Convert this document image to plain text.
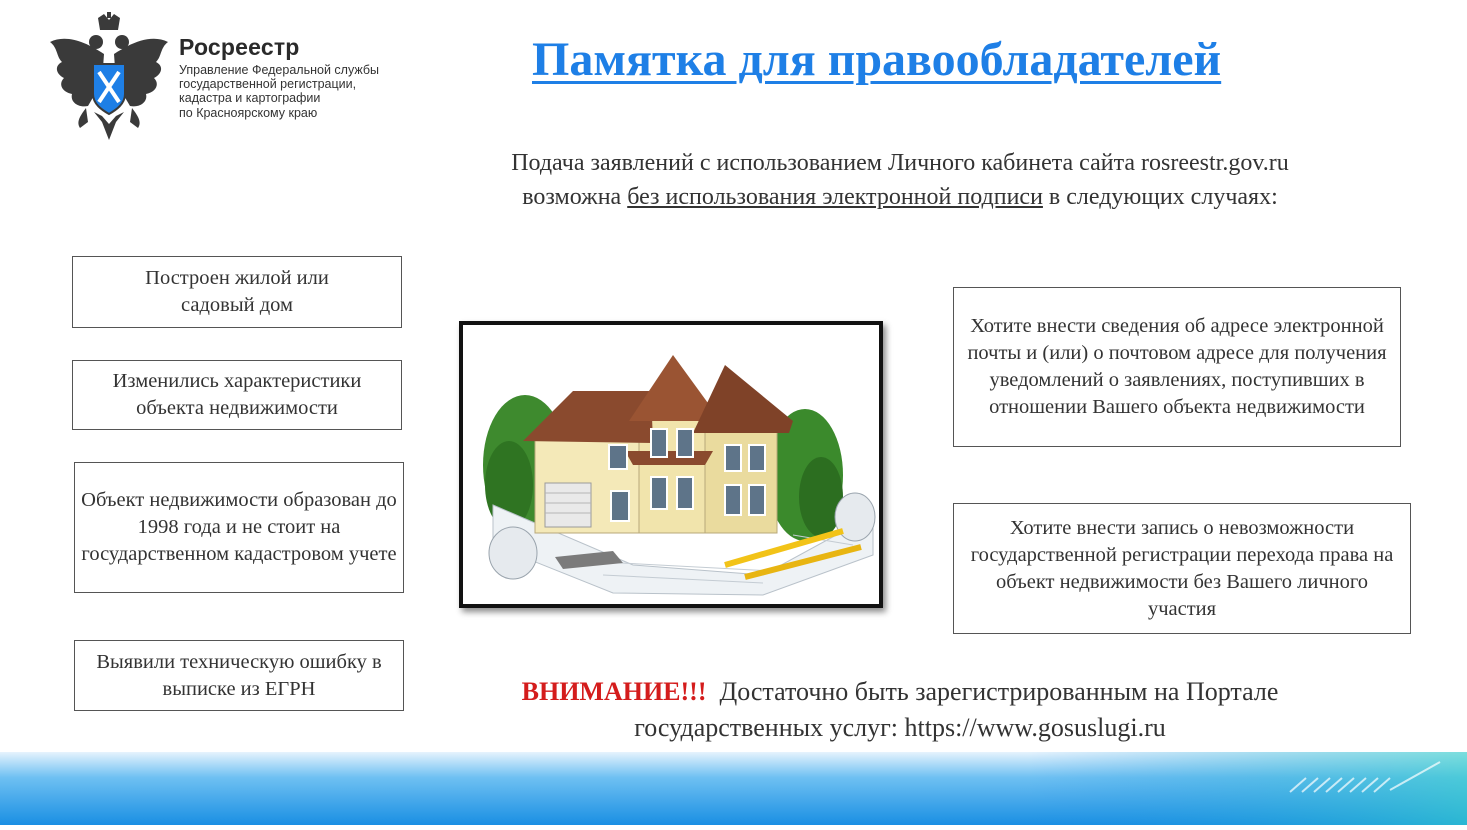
Росреестр
Управление Федеральной службы
государственной регистрации,
кадастра и картографии
по Красноярскому краю
Памятка для правообладателей
Подача заявлений с использованием Личного кабинета сайта rosreestr.gov.ru
возможна без использования электронной подписи в следующих случаях:
Построен жилой или садовый дом
Изменились характеристики объекта недвижимости
Объект недвижимости образован до 1998 года и не стоит на государственном кадастровом учете
Выявили техническую ошибку в выписке из ЕГРН
Хотите внести сведения об адресе электронной почты и (или) о почтовом адресе для получения уведомлений о заявлениях, поступивших в отношении Вашего объекта недвижимости
Хотите внести запись о невозможности государственной регистрации перехода права на объект недвижимости без Вашего личного участия
ВНИМАНИЕ!!! Достаточно быть зарегистрированным на Портале
государственных услуг: https://www.gosuslugi.ru
